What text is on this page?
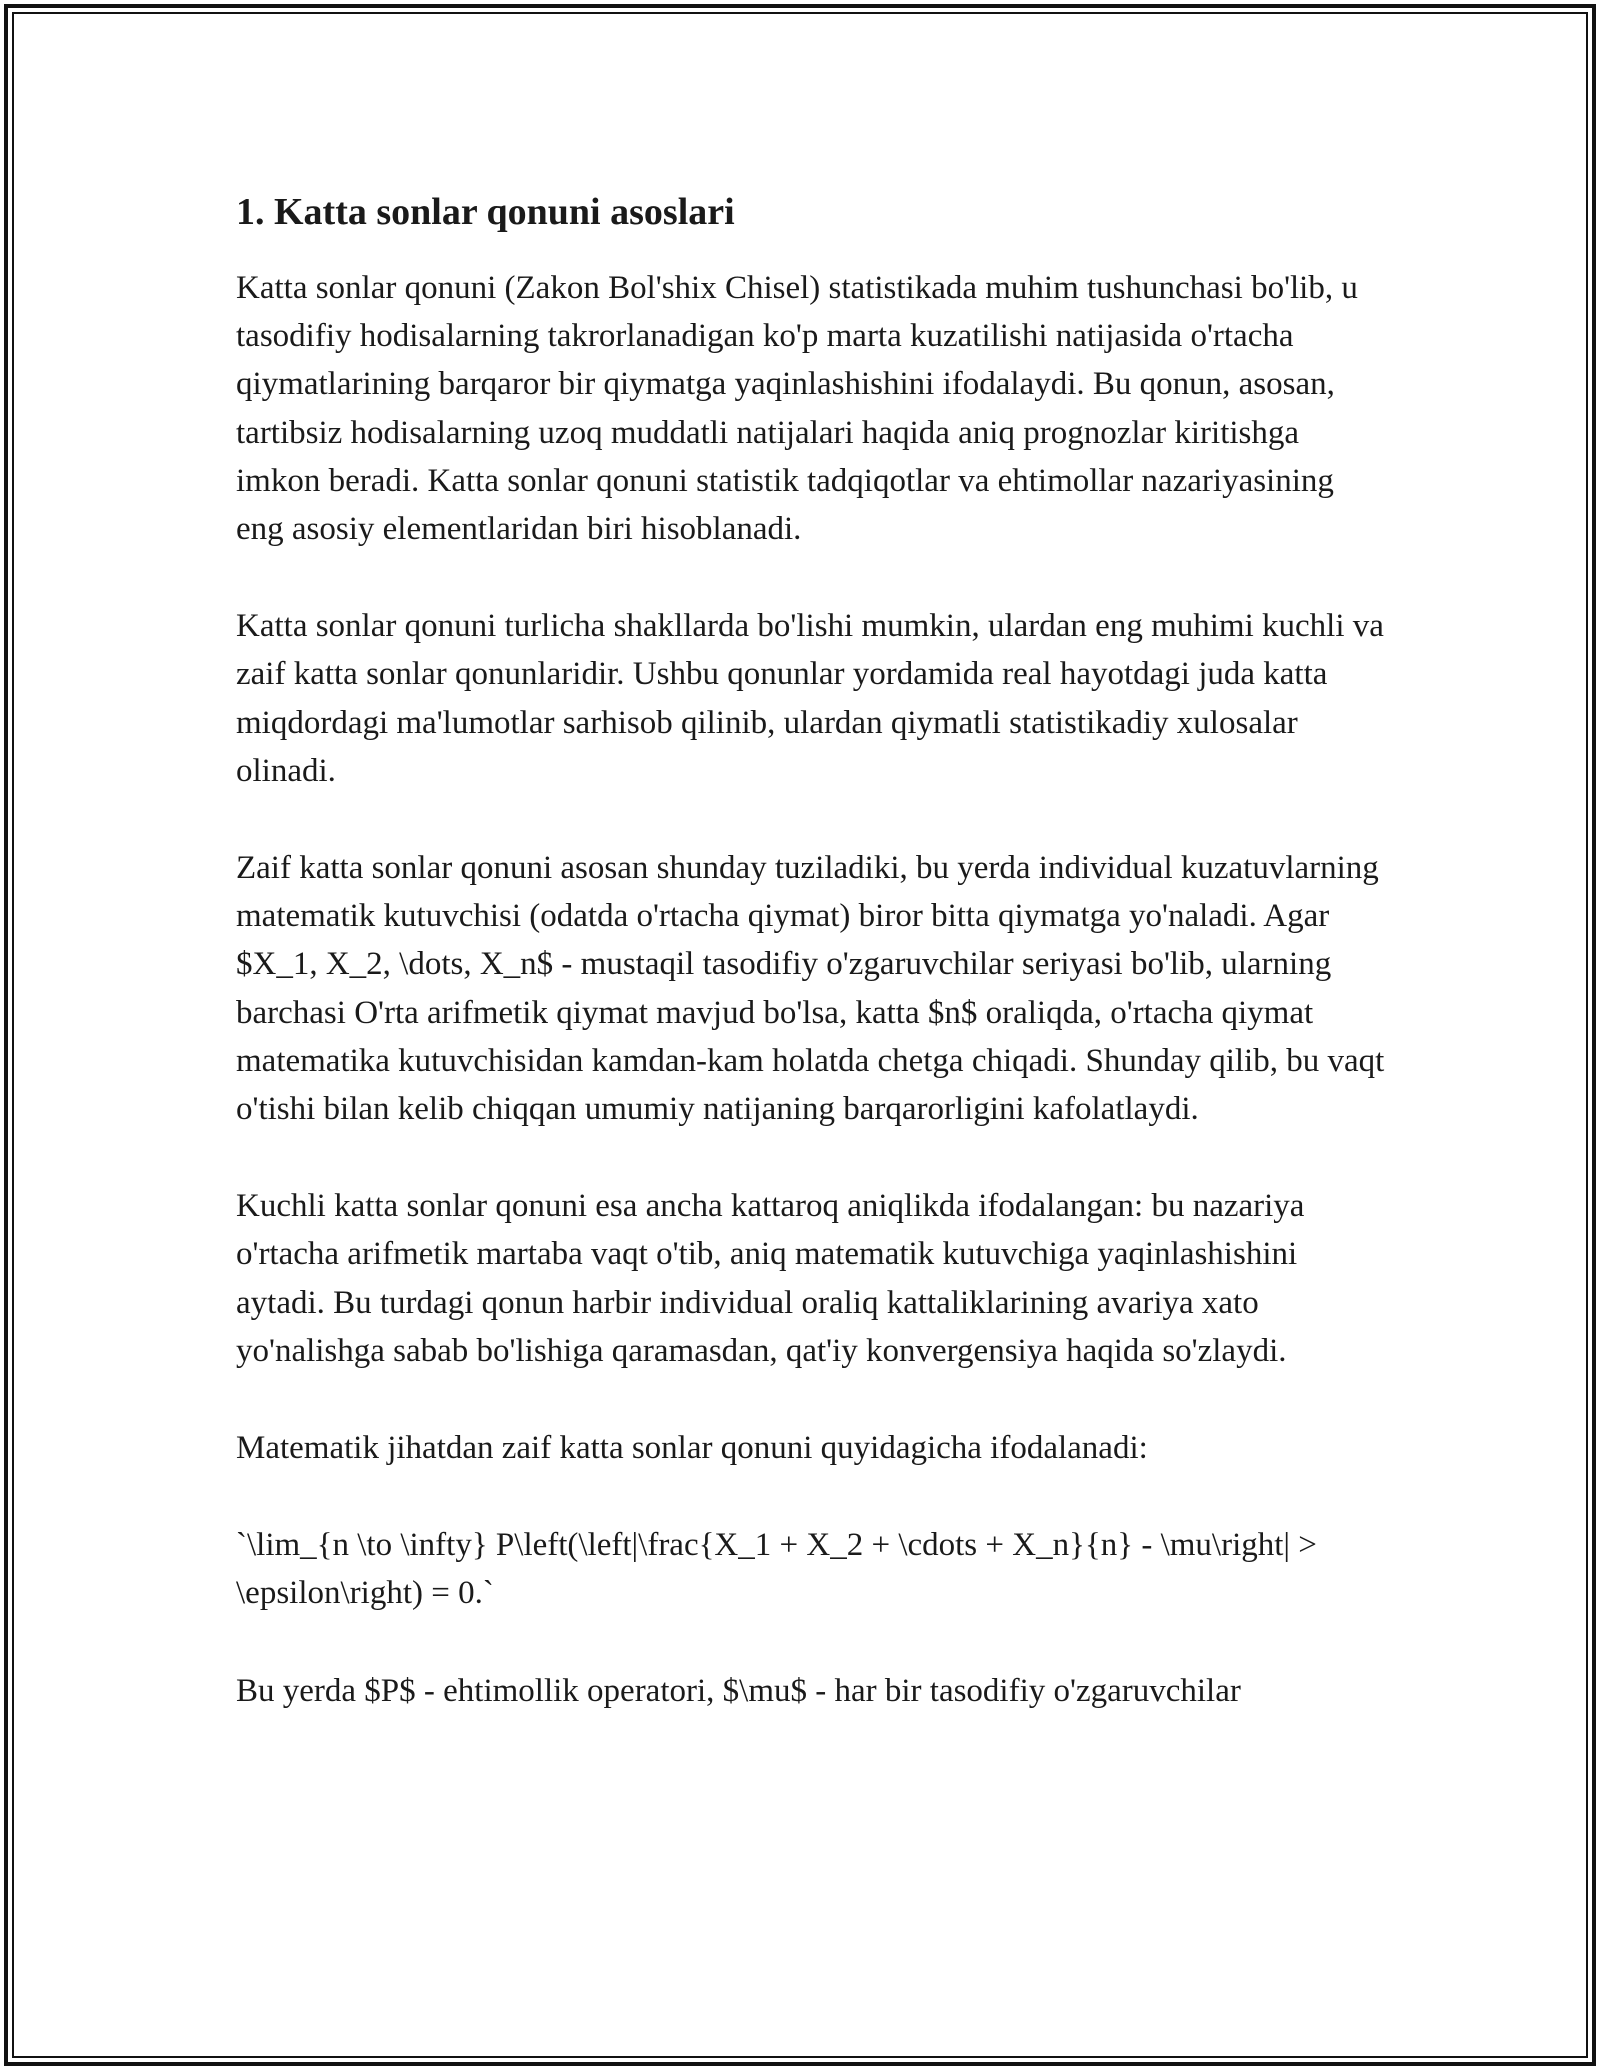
1. Katta sonlar qonuni asoslari

Katta sonlar qonuni (Zakon Bol'shix Chisel) statistikada muhim tushunchasi bo'lib, u tasodifiy hodisalarning takrorlanadigan ko'p marta kuzatilishi natijasida o'rtacha qiymatlarining barqaror bir qiymatga yaqinlashishini ifodalaydi. Bu qonun, asosan, tartibsiz hodisalarning uzoq muddatli natijalari haqida aniq prognozlar kiritishga imkon beradi. Katta sonlar qonuni statistik tadqiqotlar va ehtimollar nazariyasining eng asosiy elementlaridan biri hisoblanadi.

Katta sonlar qonuni turlicha shakllarda bo'lishi mumkin, ulardan eng muhimi kuchli va zaif katta sonlar qonunlaridir. Ushbu qonunlar yordamida real hayotdagi juda katta miqdordagi ma'lumotlar sarhisob qilinib, ulardan qiymatli statistikadiy xulosalar olinadi.

Zaif katta sonlar qonuni asosan shunday tuziladiki, bu yerda individual kuzatuvlarning matematik kutuvchisi (odatda o'rtacha qiymat) biror bitta qiymatga yo'naladi. Agar $X_1, X_2, \dots, X_n$ - mustaqil tasodifiy o'zgaruvchilar seriyasi bo'lib, ularning barchasi O'rta arifmetik qiymat mavjud bo'lsa, katta $n$ oraliqda, o'rtacha qiymat matematika kutuvchisidan kamdan-kam holatda chetga chiqadi. Shunday qilib, bu vaqt o'tishi bilan kelib chiqqan umumiy natijaning barqarorligini kafolatlaydi.

Kuchli katta sonlar qonuni esa ancha kattaroq aniqlikda ifodalangan: bu nazariya o'rtacha arifmetik martaba vaqt o'tib, aniq matematik kutuvchiga yaqinlashishini aytadi. Bu turdagi qonun harbir individual oraliq kattaliklarining avariya xato yo'nalishga sabab bo'lishiga qaramasdan, qat'iy konvergensiya haqida so'zlaydi.

Matematik jihatdan zaif katta sonlar qonuni quyidagicha ifodalanadi:

`\lim_{n \to \infty} P\left(\left|\frac{X_1 + X_2 + \cdots + X_n}{n} - \mu\right| > \epsilon\right) = 0.`

Bu yerda $P$ - ehtimollik operatori, $\mu$ - har bir tasodifiy o'zgaruvchilar
